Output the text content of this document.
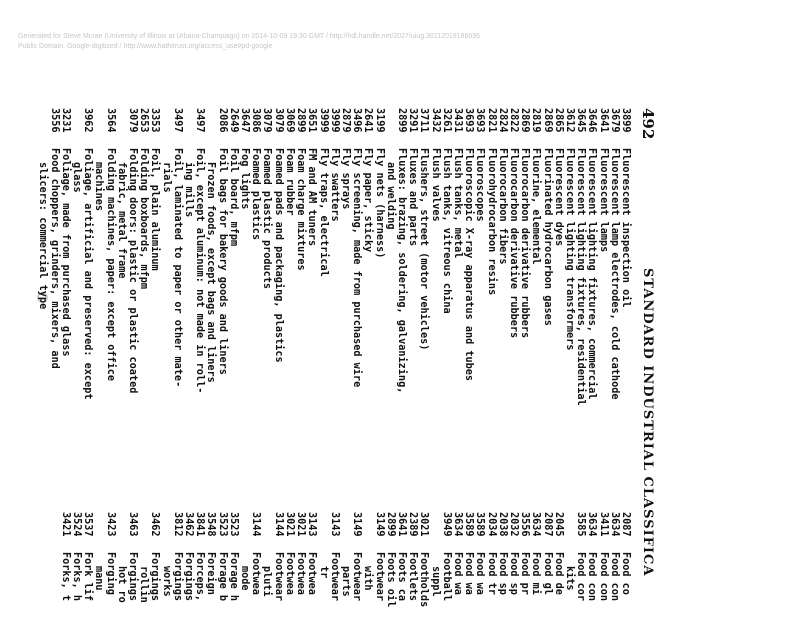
Generated for Steve Mcrae (University of Illinois at Urbana-Champaign) on 2014-10-09 19:30 GMT / http://hdl.handle.net/2027/uiug.30112019186036
Public Domain, Google-digitized / http://www.hathitrust.org/access_use#pd-google
492
STANDARD INDUSTRIAL CLASSIFICA
3899
Fluorescent inspection oil
3679
Fluorescent lamp electrodes, cold cathode
3641
Fluorescent lamps
3646
Fluorescent lighting fixtures, commercial
3645
Fluorescent lighting fixtures, residential
3612
Fluorescent lighting transformers
2865
Fluorescent dyes
2869
Fluorinated hydrocarbon gases
2819
Fluorine, elemental
2869
Fluorocarbon derivative rubbers
2822
Fluorocarbon derivative rubbers
2824
Fluorocarbon fibers
2821
Fluorohydrocarbon resins
3693
Fluoroscopes
3693
Fluoroscopic X-ray apparatus and tubes
3431
Flush tanks, metal
3261
Flush tanks, vitreous china
3432
Flush valves
3711
Flushers, street (motor vehicles)
3291
Fluxes and parts
2899
Fluxes: brazing, soldering, galvanizing,
and welding
3199
Fly nets (harness)
2641
Fly paper, sticky
3496
Fly screening, made from purchased wire
2879
Fly sprays
3999
Fly swatters
3999
Fly traps, electrical
3651
FM and AM tuners
2899
Foam charge mixtures
3069
Foam rubber
3079
Foamed pads and packaging, plastics
3079
Foamed plastic products
3086
Foamed plastics
3647
Fog lights
2649
Foil board, mfpm
2086
Foil bags for bakery goods and liners
Frozen foods, except bags and liners
3497
Foil, except aluminum: not made in roll-
ing mills
3497
Foil, laminated to paper or other mate-
rials
3353
Foil, plain aluminum
2653
Folding boxboards, mfpm
3079
Folding doors: plastic or plastic coated
fabric, metal frame
3564
Folding machines, paper: except office
machines
3962
Foliage, artificial and preserved: except
glass
3231
Foliage, made from purchased glass
3556
Food choppers, grinders, mixers, and
slicers: commercial type
2087
Food co
3634
Food con
3411
Food con
3634
Food con
3585
Food cor
kits
2045
Food de
2087
Food gl
3634
Food mi
3556
Food pr
2032
Food sp
2038
Food sp
2034
Food tr
3589
Food wa
3589
Food wa
3634
Food wa
3949
Football
suppl
3021
Footholds
2389
Footlets
3641
Foots ca
2899
Foots oil
3149
Footwear
with
3149
Footwear
parts
3143
Footwear
tr
3143
Footwea
3021
Footwea
3021
Footwea
3144
Footwear
pluti
3144
Footwea
mode
3523
Forage h
3523
Forage b
3548
Foreign
3841
Forceps,
3462
Forgings
3812
Forgings
works
3462
Forgings
rollin
3463
Forgings
hot ro
3423
Forging
manu
3537
Fork lif
3524
Forks, h
3421
Forks, t
